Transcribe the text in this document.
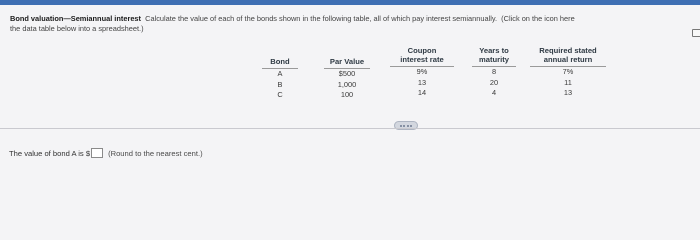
Bond valuation—Semiannual interest Calculate the value of each of the bonds shown in the following table, all of which pay interest semiannually. (Click on the icon here
the data table below into a spreadsheet.)
Bond
A
B
C
Par Value
$500
1,000
100
Coupon
interest rate
9%
13
14
Years to
maturity
8
20
4
Required stated
annual return
7%
11
13
The value of bond A is $ (Round to the nearest cent.)
